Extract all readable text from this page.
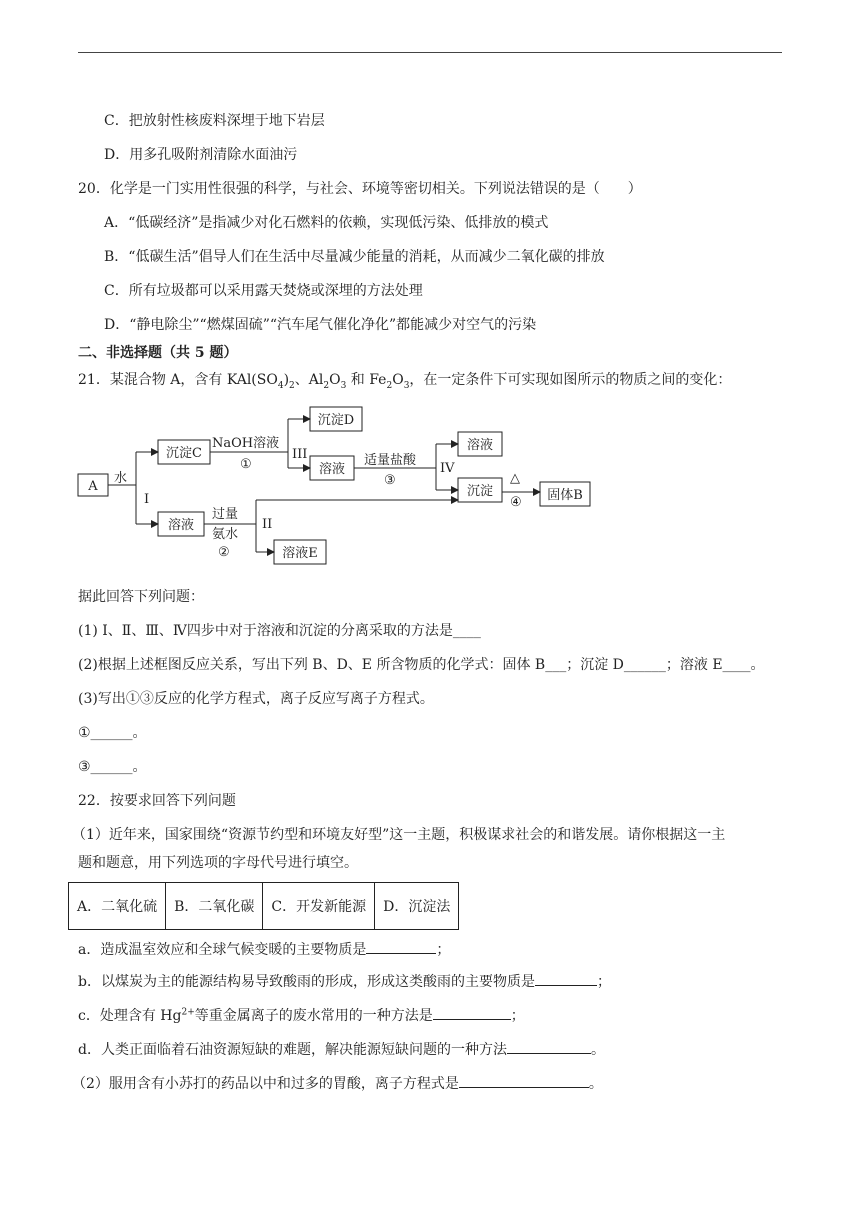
C．把放射性核废料深埋于地下岩层
D．用多孔吸附剂清除水面油污
20．化学是一门实用性很强的科学，与社会、环境等密切相关。下列说法错误的是（　　）
A．“低碳经济”是指减少对化石燃料的依赖，实现低污染、低排放的模式
B．“低碳生活”倡导人们在生活中尽量减少能量的消耗，从而减少二氧化碳的排放
C．所有垃圾都可以采用露天焚烧或深埋的方法处理
D．“静电除尘”“燃煤固硫”“汽车尾气催化净化”都能减少对空气的污染
二、非选择题（共 5 题）
21．某混合物 A，含有 $KAl(SO_4)_2$、$Al_2O_3$ 和 $Fe_2O_3$，在一定条件下可实现如图所示的物质之间的变化：
A
沉淀C
沉淀D
溶液
溶液
沉淀	固体B
溶液
溶液E
水
I
NaOH溶液
①
III	适量盐酸
③
IV
△
④
过量
氨水
②
II
据此回答下列问题：
(1) Ⅰ、Ⅱ、Ⅲ、Ⅳ四步中对于溶液和沉淀的分离采取的方法是____
(2)根据上述框图反应关系，写出下列 B、D、E 所含物质的化学式：固体 B___；沉淀 D______；溶液 E____。
(3)写出①③反应的化学方程式，离子反应写离子方程式。
①______。
③______。
22．按要求回答下列问题
（1）近年来，国家围绕“资源节约型和环境友好型”这一主题，积极谋求社会的和谐发展。请你根据这一主
题和题意，用下列选项的字母代号进行填空。
A．二氧化硫	B．二氧化碳	C．开发新能源	D．沉淀法
a．造成温室效应和全球气候变暖的主要物质是	；
b．以煤炭为主的能源结构易导致酸雨的形成，形成这类酸雨的主要物质是	；
c．处理含有 $Hg^{2+}$等重金属离子的废水常用的一种方法是	；
d．人类正面临着石油资源短缺的难题，解决能源短缺问题的一种方法	。
（2）服用含有小苏打的药品以中和过多的胃酸，离子方程式是	。
